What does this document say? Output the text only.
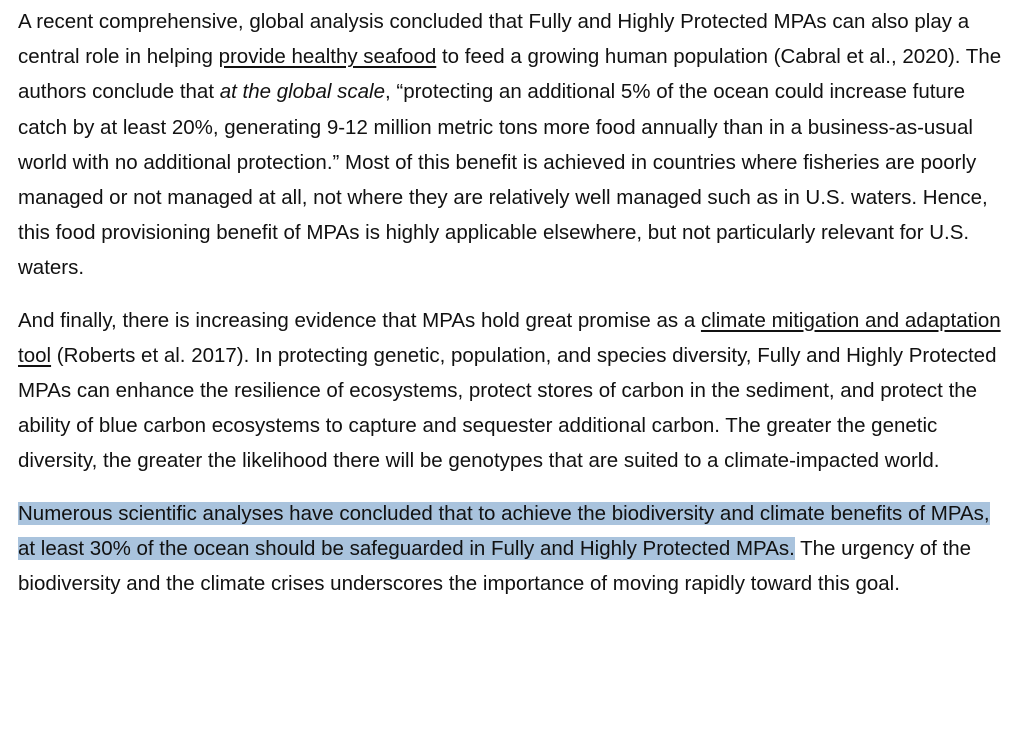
A recent comprehensive, global analysis concluded that Fully and Highly Protected MPAs can also play a central role in helping provide healthy seafood to feed a growing human population (Cabral et al., 2020). The authors conclude that at the global scale, “protecting an additional 5% of the ocean could increase future catch by at least 20%, generating 9-12 million metric tons more food annually than in a business-as-usual world with no additional protection.” Most of this benefit is achieved in countries where fisheries are poorly managed or not managed at all, not where they are relatively well managed such as in U.S. waters. Hence, this food provisioning benefit of MPAs is highly applicable elsewhere, but not particularly relevant for U.S. waters.

And finally, there is increasing evidence that MPAs hold great promise as a climate mitigation and adaptation tool (Roberts et al. 2017). In protecting genetic, population, and species diversity, Fully and Highly Protected MPAs can enhance the resilience of ecosystems, protect stores of carbon in the sediment, and protect the ability of blue carbon ecosystems to capture and sequester additional carbon. The greater the genetic diversity, the greater the likelihood there will be genotypes that are suited to a climate-impacted world.

Numerous scientific analyses have concluded that to achieve the biodiversity and climate benefits of MPAs, at least 30% of the ocean should be safeguarded in Fully and Highly Protected MPAs. The urgency of the biodiversity and the climate crises underscores the importance of moving rapidly toward this goal.
